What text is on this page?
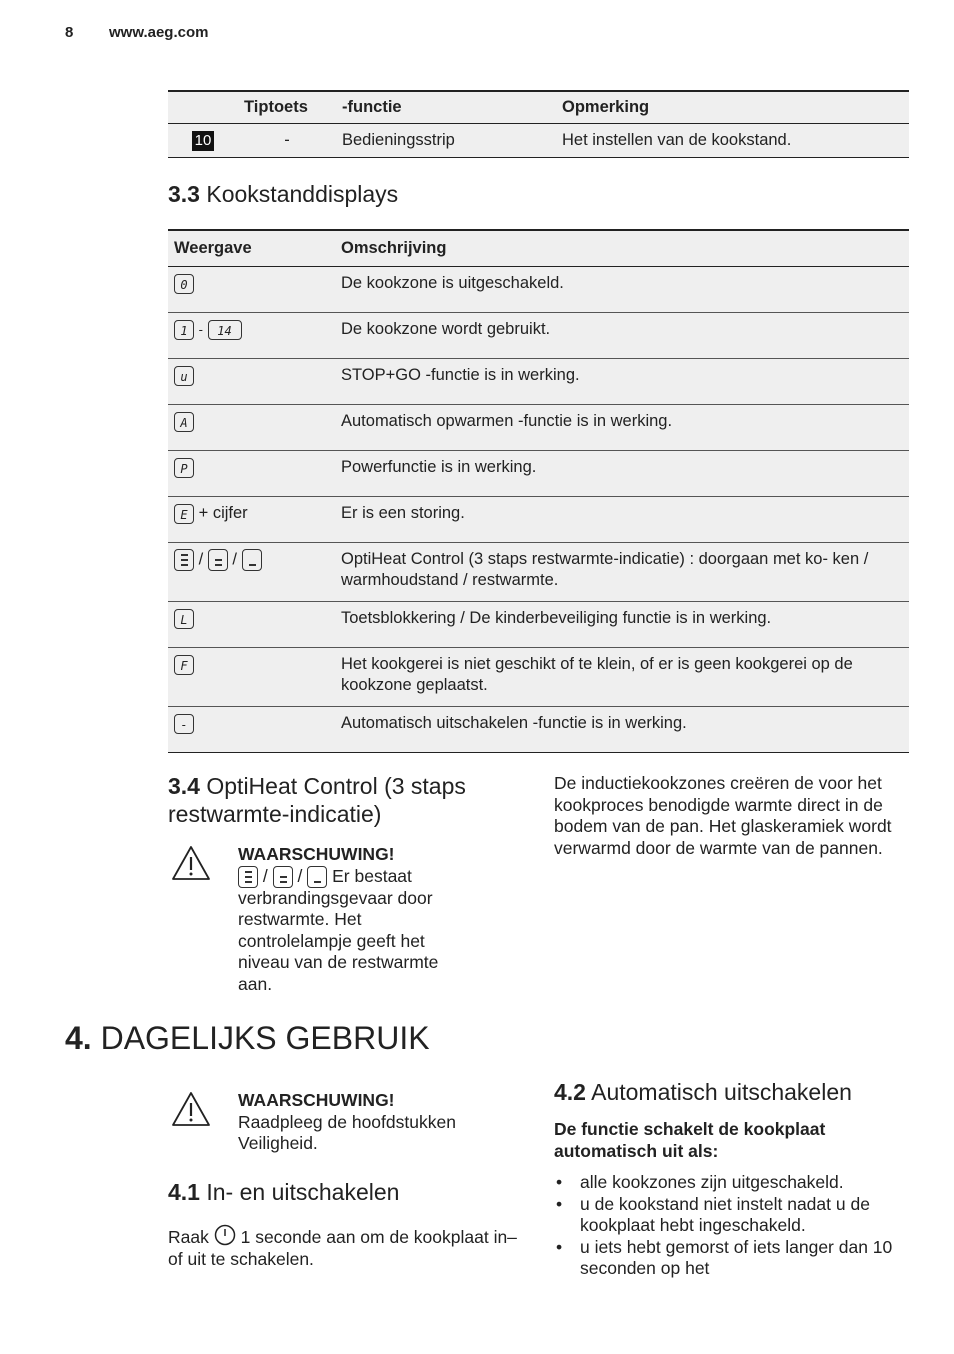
8 www.aeg.com
	Tiptoets	-functie	Opmerking
10	-	Bedieningsstrip	Het instellen van de kookstand.
3.3 Kookstanddisplays
Weergave	Omschrijving
0	De kookzone is uitgeschakeld.
1 - 14	De kookzone wordt gebruikt.
u	STOP+GO -functie is in werking.
A	Automatisch opwarmen -functie is in werking.
P	Powerfunctie is in werking.
E + cijfer	Er is een storing.

/ /	OptiHeat Control (3 staps restwarmte-indicatie) : doorgaan met ko- ken / warmhoudstand / restwarmte.
L	Toetsblokkering / De kinderbeveiliging functie is in werking.
F	Het kookgerei is niet geschikt of te klein, of er is geen kookgerei op de kookzone geplaatst.
-	Automatisch uitschakelen -functie is in werking.
3.4 OptiHeat Control (3 staps
restwarmte-indicatie)
WAARSCHUWING!
/ / Er bestaat verbrandingsgevaar door restwarmte. Het controlelampje geeft het niveau van de restwarmte aan.
De inductiekookzones creëren de voor het kookproces benodigde warmte direct in de bodem van de pan. Het glaskeramiek wordt verwarmd door de warmte van de pannen.
4. DAGELIJKS GEBRUIK
WAARSCHUWING!
Raadpleeg de hoofdstukken Veiligheid.
4.1 In- en uitschakelen
Raak 1 seconde aan om de kookplaat in– of uit te schakelen.
4.2 Automatisch uitschakelen
De functie schakelt de kookplaat automatisch uit als:
• alle kookzones zijn uitgeschakeld.
• u de kookstand niet instelt nadat u de kookplaat hebt ingeschakeld.
• u iets hebt gemorst of iets langer dan 10 seconden op het
